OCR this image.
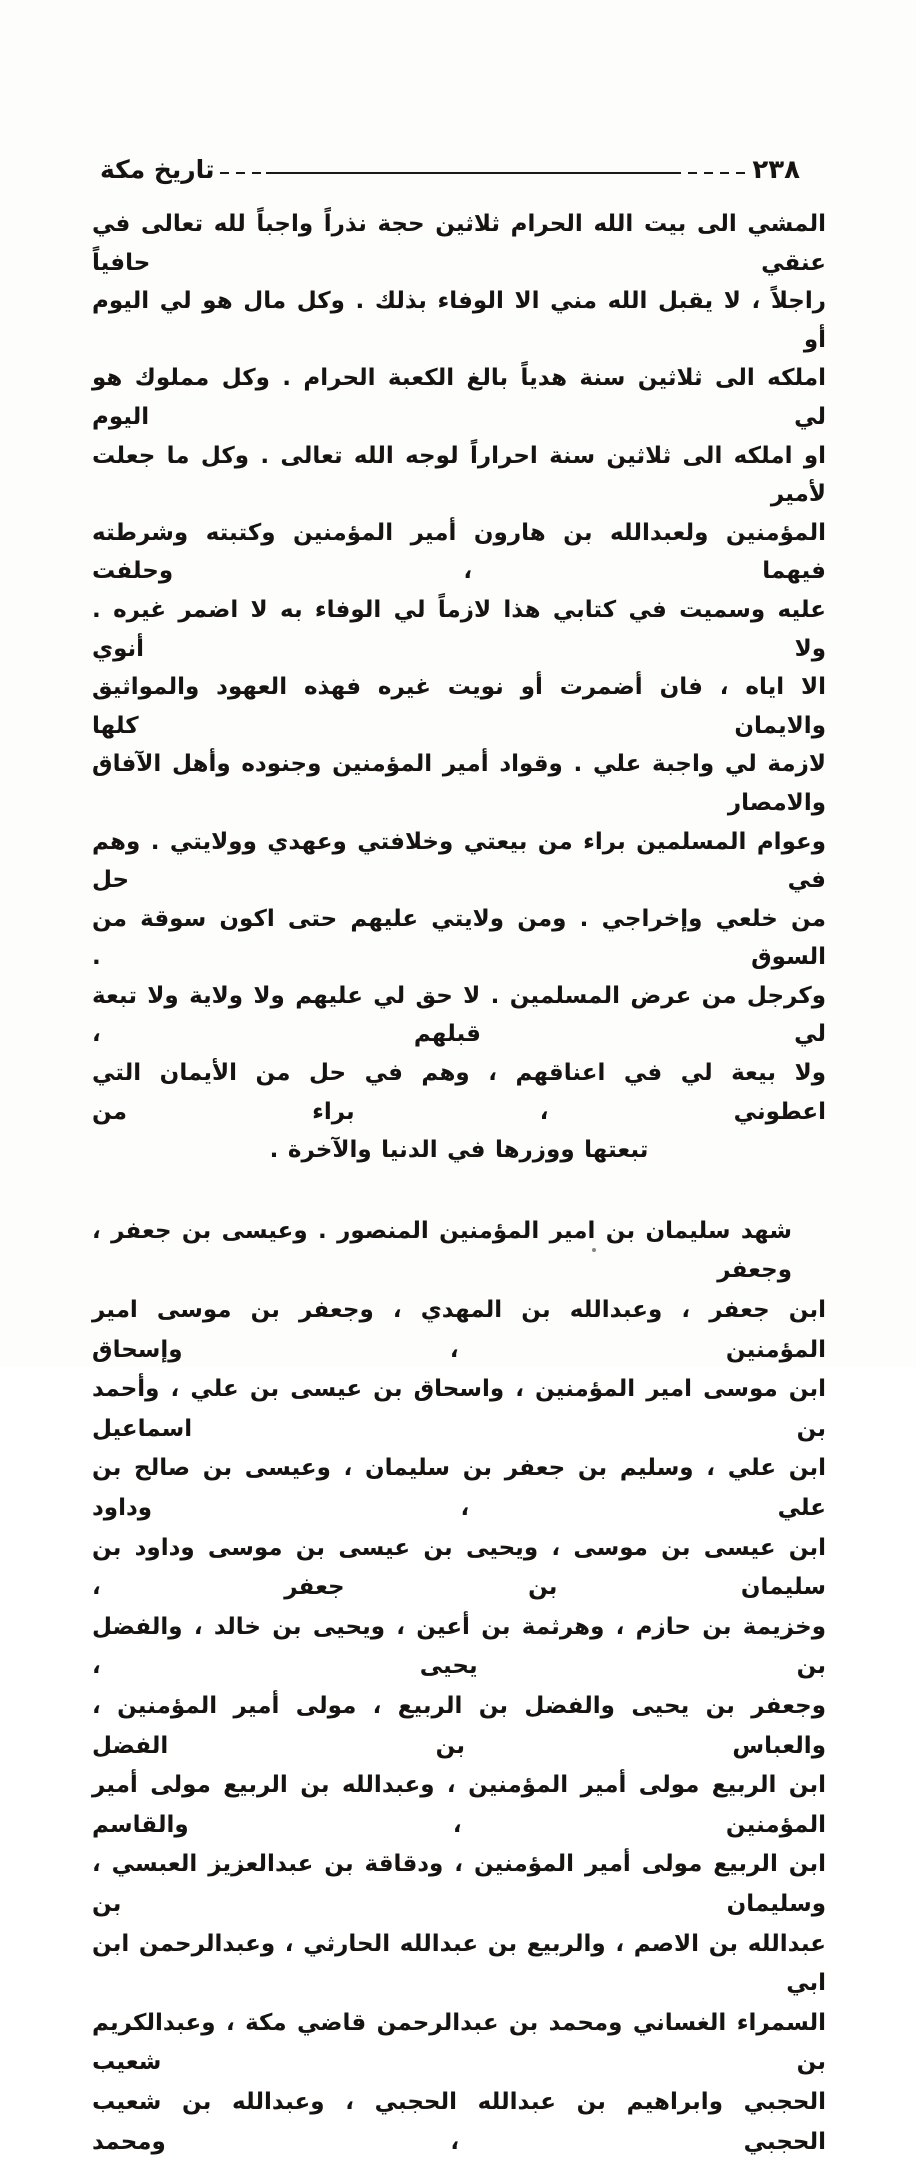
٢٣٨
تاريخ مكة
المشي الى بيت الله الحرام ثلاثين حجة نذراً واجباً لله تعالى في عنقي حافياً
راجلاً ، لا يقبل الله مني الا الوفاء بذلك . وكل مال هو لي اليوم أو
املكه الى ثلاثين سنة هدياً بالغ الكعبة الحرام . وكل مملوك هو لي اليوم
او املكه الى ثلاثين سنة احراراً لوجه الله تعالى . وكل ما جعلت لأمير
المؤمنين ولعبدالله بن هارون أمير المؤمنين وكتبته وشرطته فيهما ، وحلفت
عليه وسميت في كتابي هذا لازماً لي الوفاء به لا اضمر غيره . ولا أنوي
الا اياه ، فان أضمرت أو نويت غيره فهذه العهود والمواثيق والايمان كلها
لازمة لي واجبة علي . وقواد أمير المؤمنين وجنوده وأهل الآفاق والامصار
وعوام المسلمين براء من بيعتي وخلافتي وعهدي وولايتي . وهم في حل
من خلعي وإخراجي . ومن ولايتي عليهم حتى اكون سوقة من السوق .
وكرجل من عرض المسلمين . لا حق لي عليهم ولا ولاية ولا تبعة لي قبلهم ،
ولا بيعة لي في اعناقهم ، وهم في حل من الأيمان التي اعطوني ، براء من
تبعتها ووزرها في الدنيا والآخرة .
شهد سليمان بن امير المؤمنين المنصور . وعيسى بن جعفر ، وجعفر
ابن جعفر ، وعبدالله بن المهدي ، وجعفر بن موسى امير المؤمنين ، وإسحاق
ابن موسى امير المؤمنين ، واسحاق بن عيسى بن علي ، وأحمد بن اسماعيل
ابن علي ، وسليم بن جعفر بن سليمان ، وعيسى بن صالح بن علي ، وداود
ابن عيسى بن موسى ، ويحيى بن عيسى بن موسى وداود بن سليمان بن جعفر ،
وخزيمة بن حازم ، وهرثمة بن أعين ، ويحيى بن خالد ، والفضل بن يحيى ،
وجعفر بن يحيى والفضل بن الربيع ، مولى أمير المؤمنين ، والعباس بن الفضل
ابن الربيع مولى أمير المؤمنين ، وعبدالله بن الربيع مولى أمير المؤمنين ، والقاسم
ابن الربيع مولى أمير المؤمنين ، ودقاقة بن عبدالعزيز العبسي ، وسليمان بن
عبدالله بن الاصم ، والربيع بن عبدالله الحارثي ، وعبدالرحمن ابن ابي
السمراء الغساني ومحمد بن عبدالرحمن قاضي مكة ، وعبدالكريم بن شعيب
الحجبي وابراهيم بن عبدالله الحجبي ، وعبدالله بن شعيب الحجبي ، ومحمد
